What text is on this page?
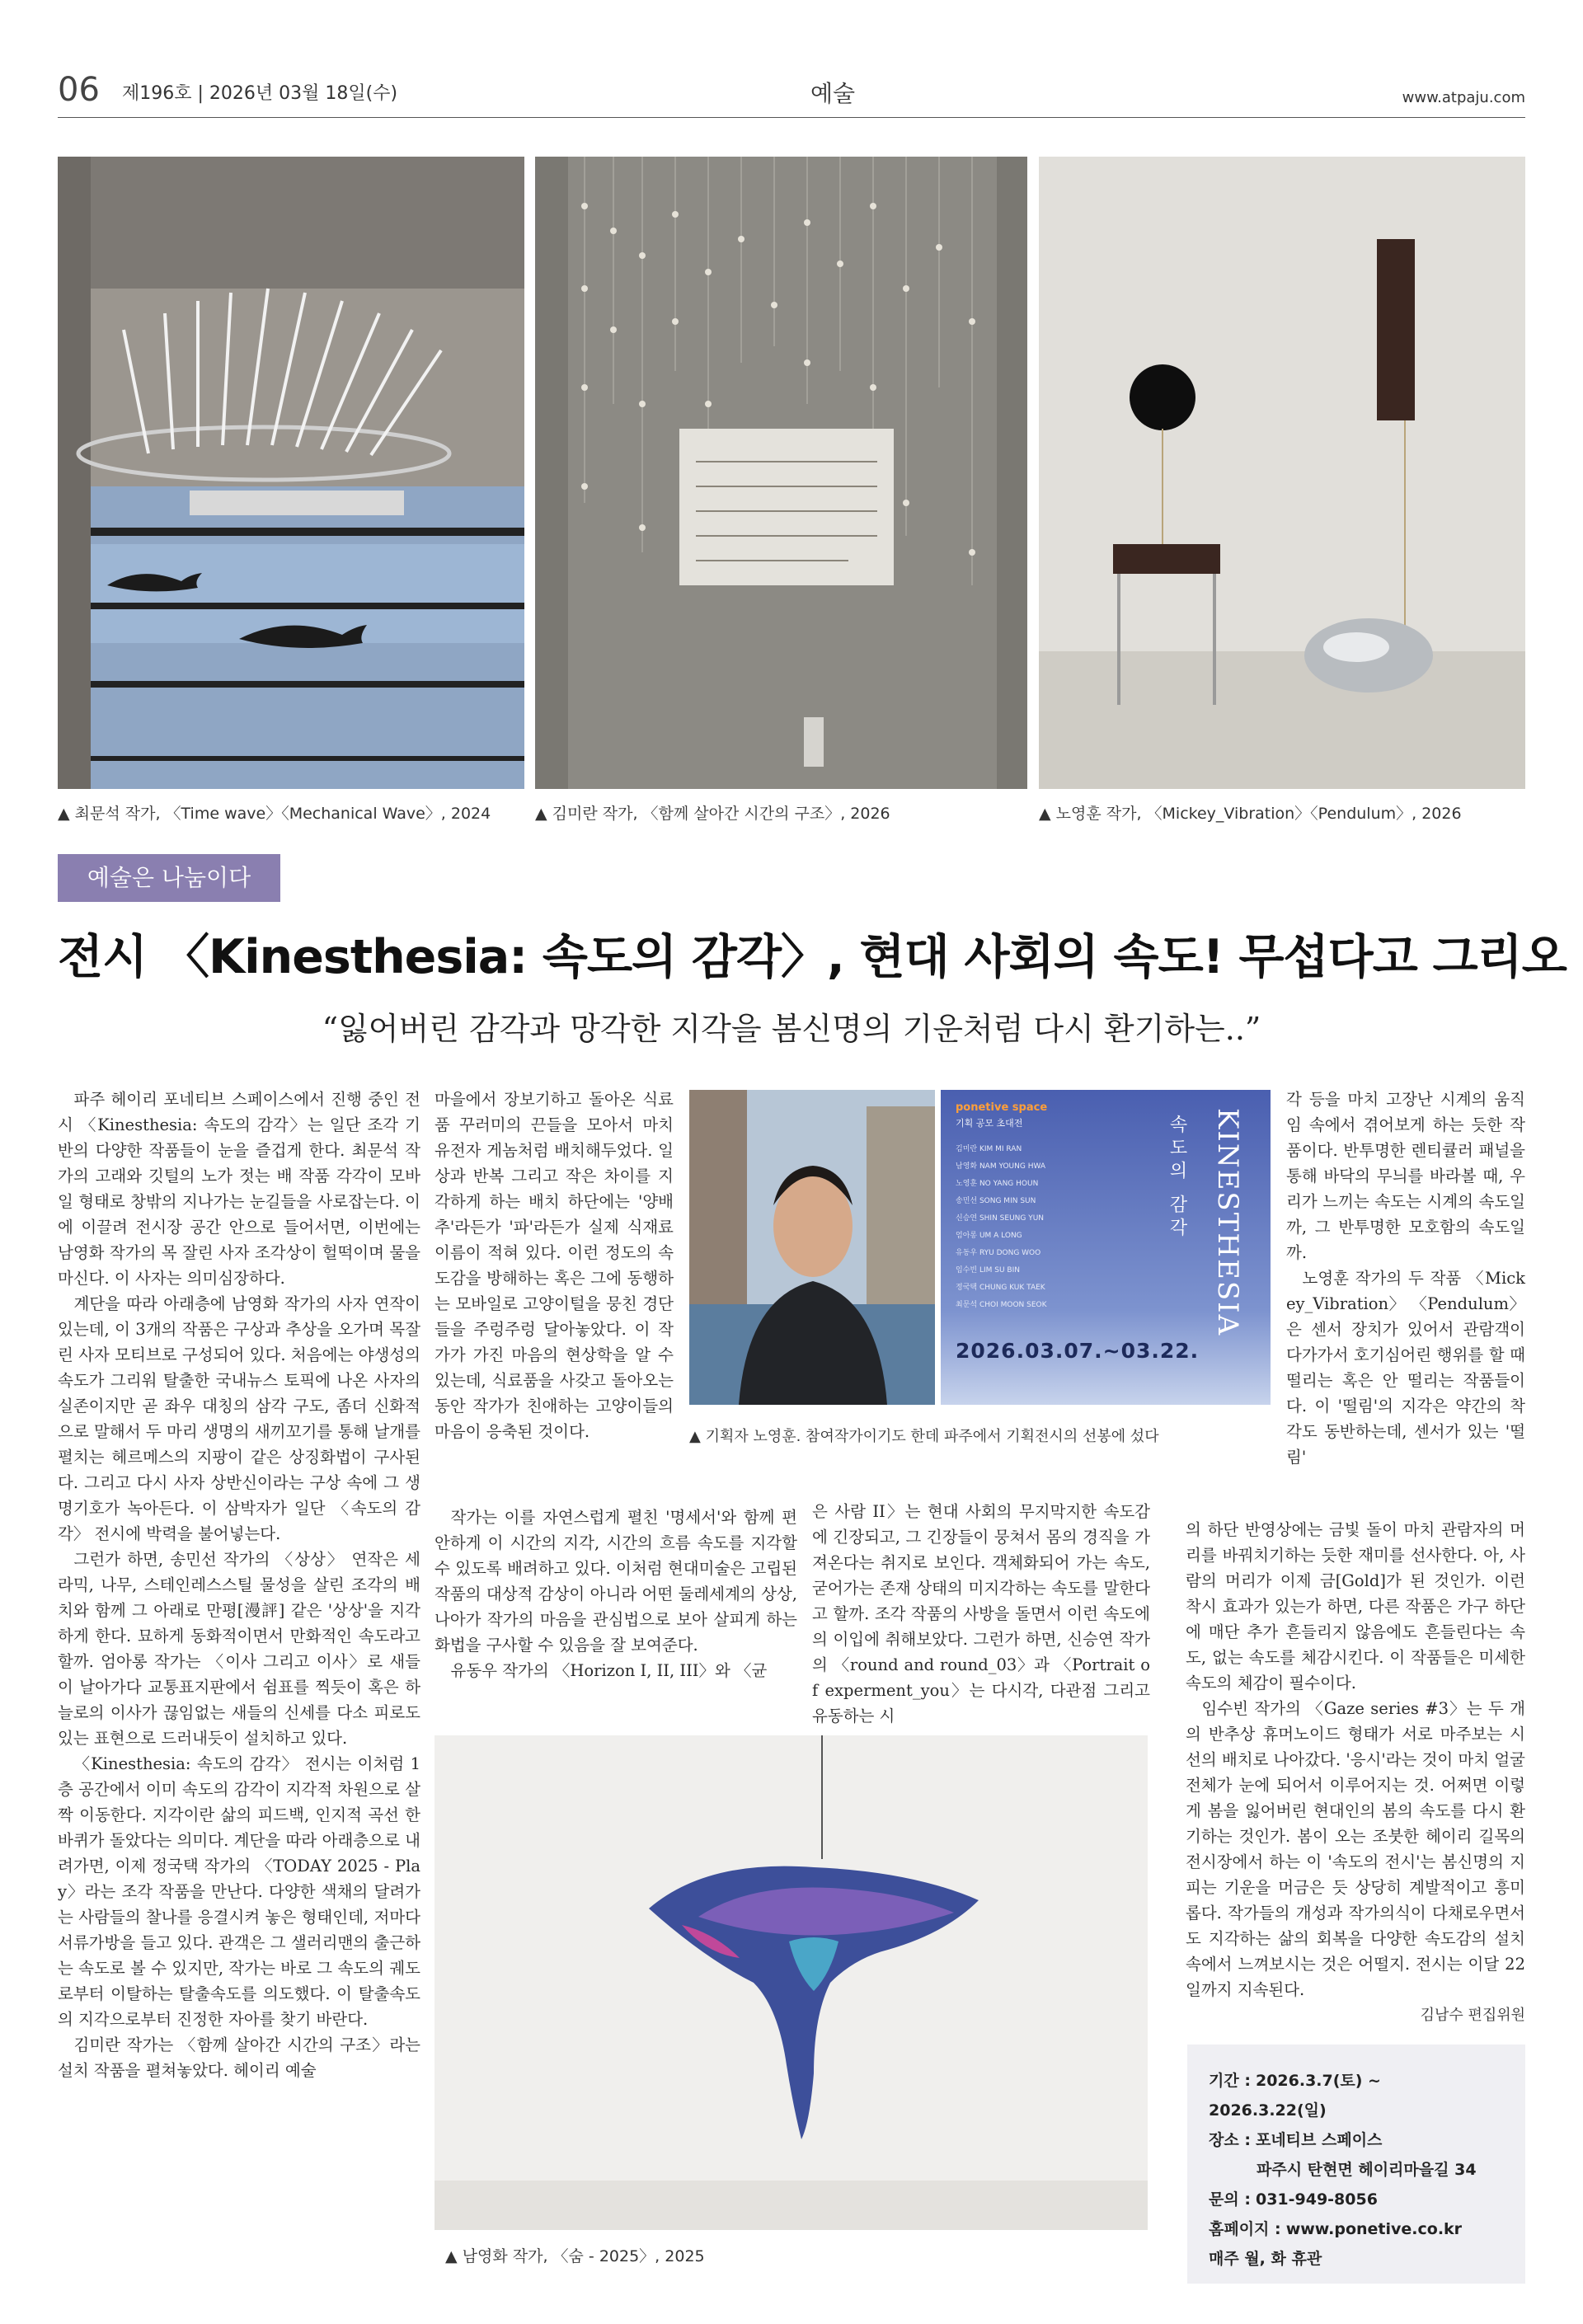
06 제196호 | 2026년 03월 18일(수)	예술	www.atpaju.com
▲ 최문석 작가, 〈Time wave〉〈Mechanical Wave〉, 2024	▲ 김미란 작가, 〈함께 살아간 시간의 구조〉, 2026	▲ 노영훈 작가, 〈Mickey_Vibration〉〈Pendulum〉, 2026
예술은 나눔이다
전시 〈Kinesthesia: 속도의 감각〉, 현대 사회의 속도! 무섭다고 그리오
“잃어버린 감각과 망각한 지각을 봄신명의 기운처럼 다시 환기하는..”

파주 헤이리 포네티브 스페이스에서 진행 중인 전시 〈Kinesthesia: 속도의 감각〉는 일단 조각 기반의 다양한 작품들이 눈을 즐겁게 한다. 최문석 작가의 고래와 깃털의 노가 젓는 배 작품 각각이 모바일 형태로 창밖의 지나가는 눈길들을 사로잡는다. 이에 이끌려 전시장 공간 안으로 들어서면, 이번에는 남영화 작가의 목 잘린 사자 조각상이 헐떡이며 물을 마신다. 이 사자는 의미심장하다.

계단을 따라 아래층에 남영화 작가의 사자 연작이 있는데, 이 3개의 작품은 구상과 추상을 오가며 목잘린 사자 모티브로 구성되어 있다. 처음에는 야생성의 속도가 그리워 탈출한 국내뉴스 토픽에 나온 사자의 실존이지만 곧 좌우 대칭의 삼각 구도, 좀더 신화적으로 말해서 두 마리 생명의 새끼꼬기를 통해 날개를 펼치는 헤르메스의 지팡이 같은 상징화법이 구사된다. 그리고 다시 사자 상반신이라는 구상 속에 그 생명기호가 녹아든다. 이 삼박자가 일단 〈속도의 감각〉 전시에 박력을 불어넣는다.

그런가 하면, 송민선 작가의 〈상상〉 연작은 세라믹, 나무, 스테인레스스틸 물성을 살린 조각의 배치와 함께 그 아래로 만평[漫評] 같은 '상상'을 지각하게 한다. 묘하게 동화적이면서 만화적인 속도라고 할까. 엄아롱 작가는 〈이사 그리고 이사〉로 새들이 날아가다 교통표지판에서 쉼표를 찍듯이 혹은 하늘로의 이사가 끊임없는 새들의 신세를 다소 피로도 있는 표현으로 드러내듯이 설치하고 있다.

〈Kinesthesia: 속도의 감각〉 전시는 이처럼 1층 공간에서 이미 속도의 감각이 지각적 차원으로 살짝 이동한다. 지각이란 삶의 피드백, 인지적 곡선 한바퀴가 돌았다는 의미다. 계단을 따라 아래층으로 내려가면, 이제 정국택 작가의 〈TODAY 2025 - Play〉라는 조각 작품을 만난다. 다양한 색채의 달려가는 사람들의 찰나를 응결시켜 놓은 형태인데, 저마다 서류가방을 들고 있다. 관객은 그 샐러리맨의 출근하는 속도로 볼 수 있지만, 작가는 바로 그 속도의 궤도로부터 이탈하는 탈출속도를 의도했다. 이 탈출속도의 지각으로부터 진정한 자아를 찾기 바란다.

김미란 작가는 〈함께 살아간 시간의 구조〉라는 설치 작품을 펼쳐놓았다. 헤이리 예술

마을에서 장보기하고 돌아온 식료품 꾸러미의 끈들을 모아서 마치 유전자 게놈처럼 배치해두었다. 일상과 반복 그리고 작은 차이를 지각하게 하는 배치 하단에는 '양배추'라든가 '파'라든가 실제 식재료 이름이 적혀 있다. 이런 정도의 속도감을 방해하는 혹은 그에 동행하는 모바일로 고양이털을 뭉친 경단들을 주렁주렁 달아놓았다. 이 작가가 가진 마음의 현상학을 알 수 있는데, 식료품을 사갖고 돌아오는 동안 작가가 친애하는 고양이들의 마음이 응축된 것이다.

작가는 이를 자연스럽게 펼친 '명세서'와 함께 편안하게 이 시간의 지각, 시간의 흐름 속도를 지각할 수 있도록 배려하고 있다. 이처럼 현대미술은 고립된 작품의 대상적 감상이 아니라 어떤 둘레세계의 상상, 나아가 작가의 마음을 관심법으로 보아 살피게 하는 화법을 구사할 수 있음을 잘 보여준다.

유동우 작가의 〈Horizon I, II, III〉와 〈균

ponetive space
기획 공모 초대전
김미란 KIM MI RAN
남영화 NAM YOUNG HWA
노영훈 NO YANG HOUN
송민선 SONG MIN SUN
신승연 SHIN SEUNG YUN
엄아롱 UM A LONG
유동우 RYU DONG WOO
임수빈 LIM SU BIN
정국택 CHUNG KUK TAEK
최문석 CHOI MOON SEOK	KINESTHESIA
속도의 감각
2026.03.07.~03.22.
▲ 기획자 노영훈. 참여작가이기도 한데 파주에서 기획전시의 선봉에 섰다

은 사람 II〉는 현대 사회의 무지막지한 속도감에 긴장되고, 그 긴장들이 뭉쳐서 몸의 경직을 가져온다는 취지로 보인다. 객체화되어 가는 속도, 굳어가는 존재 상태의 미지각하는 속도를 말한다고 할까. 조각 작품의 사방을 돌면서 이런 속도에의 이입에 취해보았다. 그런가 하면, 신승연 작가의 〈round and round_03〉과 〈Portrait of experment_you〉는 다시각, 다관점 그리고 유동하는 시

각 등을 마치 고장난 시계의 움직임 속에서 겪어보게 하는 듯한 작품이다. 반투명한 렌티큘러 패널을 통해 바닥의 무늬를 바라볼 때, 우리가 느끼는 속도는 시계의 속도일까, 그 반투명한 모호함의 속도일까.

노영훈 작가의 두 작품 〈Mickey_Vibration〉 〈Pendulum〉은 센서 장치가 있어서 관람객이 다가가서 호기심어린 행위를 할 때 떨리는 혹은 안 떨리는 작품들이다. 이 '떨림'의 지각은 약간의 착각도 동반하는데, 센서가 있는 '떨림'

의 하단 반영상에는 금빛 돌이 마치 관람자의 머리를 바꿔치기하는 듯한 재미를 선사한다. 아, 사람의 머리가 이제 금[Gold]가 된 것인가. 이런 착시 효과가 있는가 하면, 다른 작품은 가구 하단에 매단 추가 흔들리지 않음에도 흔들린다는 속도, 없는 속도를 체감시킨다. 이 작품들은 미세한 속도의 체감이 필수이다.

임수빈 작가의 〈Gaze series #3〉는 두 개의 반추상 휴머노이드 형태가 서로 마주보는 시선의 배치로 나아갔다. '응시'라는 것이 마치 얼굴 전체가 눈에 되어서 이루어지는 것. 어쩌면 이렇게 봄을 잃어버린 현대인의 봄의 속도를 다시 환기하는 것인가. 봄이 오는 조붓한 헤이리 길목의 전시장에서 하는 이 '속도의 전시'는 봄신명의 지피는 기운을 머금은 듯 상당히 계발적이고 흥미롭다. 작가들의 개성과 작가의식이 다채로우면서도 지각하는 삶의 회복을 다양한 속도감의 설치 속에서 느껴보시는 것은 어떨지. 전시는 이달 22일까지 지속된다.

김남수 편집위원
▲ 남영화 작가, 〈숨 - 2025〉, 2025
기간 : 2026.3.7(토) ~ 2026.3.22(일)
장소 : 포네티브 스페이스
파주시 탄현면 헤이리마을길 34
문의 : 031-949-8056
홈페이지 : www.ponetive.co.kr
매주 월, 화 휴관
